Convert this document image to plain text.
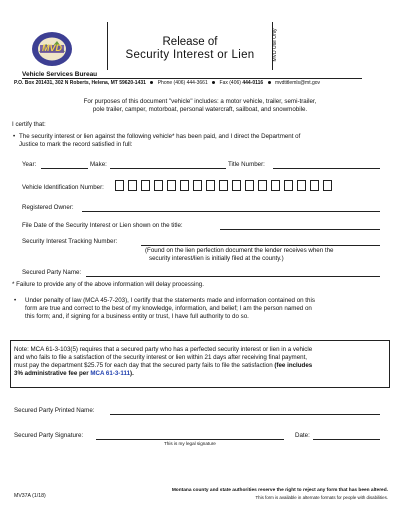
MVD
Vehicle Services Bureau
Release of
Security Interest or Lien	MVD Use Only
P.O. Box 201431, 302 N Roberts, Helena, MT 59620-1431 Phone (406) 444-3661 Fax (406) 444-0116 mvdtitlemls@mt.gov
For purposes of this document "vehicle" includes: a motor vehicle, trailer, semi-trailer,
pole trailer, camper, motorboat, personal watercraft, sailboat, and snowmobile.
I certify that:
• The security interest or lien against the following vehicle* has been paid, and I direct the Department of
Justice to mark the record satisfied in full:
Year:	Make:	Title Number:
Vehicle Identification Number:
Registered Owner:
File Date of the Security Interest or Lien shown on the title:
Security Interest Tracking Number:
(Found on the lien perfection document the lender receives when the
security interest/lien is initially filed at the county.)
Secured Party Name:
* Failure to provide any of the above information will delay processing.
• Under penalty of law (MCA 45-7-203), I certify that the statements made and information contained on this
form are true and correct to the best of my knowledge, information, and belief; I am the person named on
this form; and, if signing for a business entity or trust, I have full authority to do so.
Note: MCA 61-3-103(5) requires that a secured party who has a perfected security interest or lien in a vehicle
and who fails to file a satisfaction of the security interest or lien within 21 days after receiving final payment,
must pay the department $25.75 for each day that the secured party fails to file the satisfaction (fee includes
3% administrative fee per MCA 61-3-111).
Secured Party Printed Name:
Secured Party Signature:
This is my legal signature
Date:
MV37A (1/18)
Montana county and state authorities reserve the right to reject any form that has been altered.
This form is available in alternate formats for people with disabilities.
